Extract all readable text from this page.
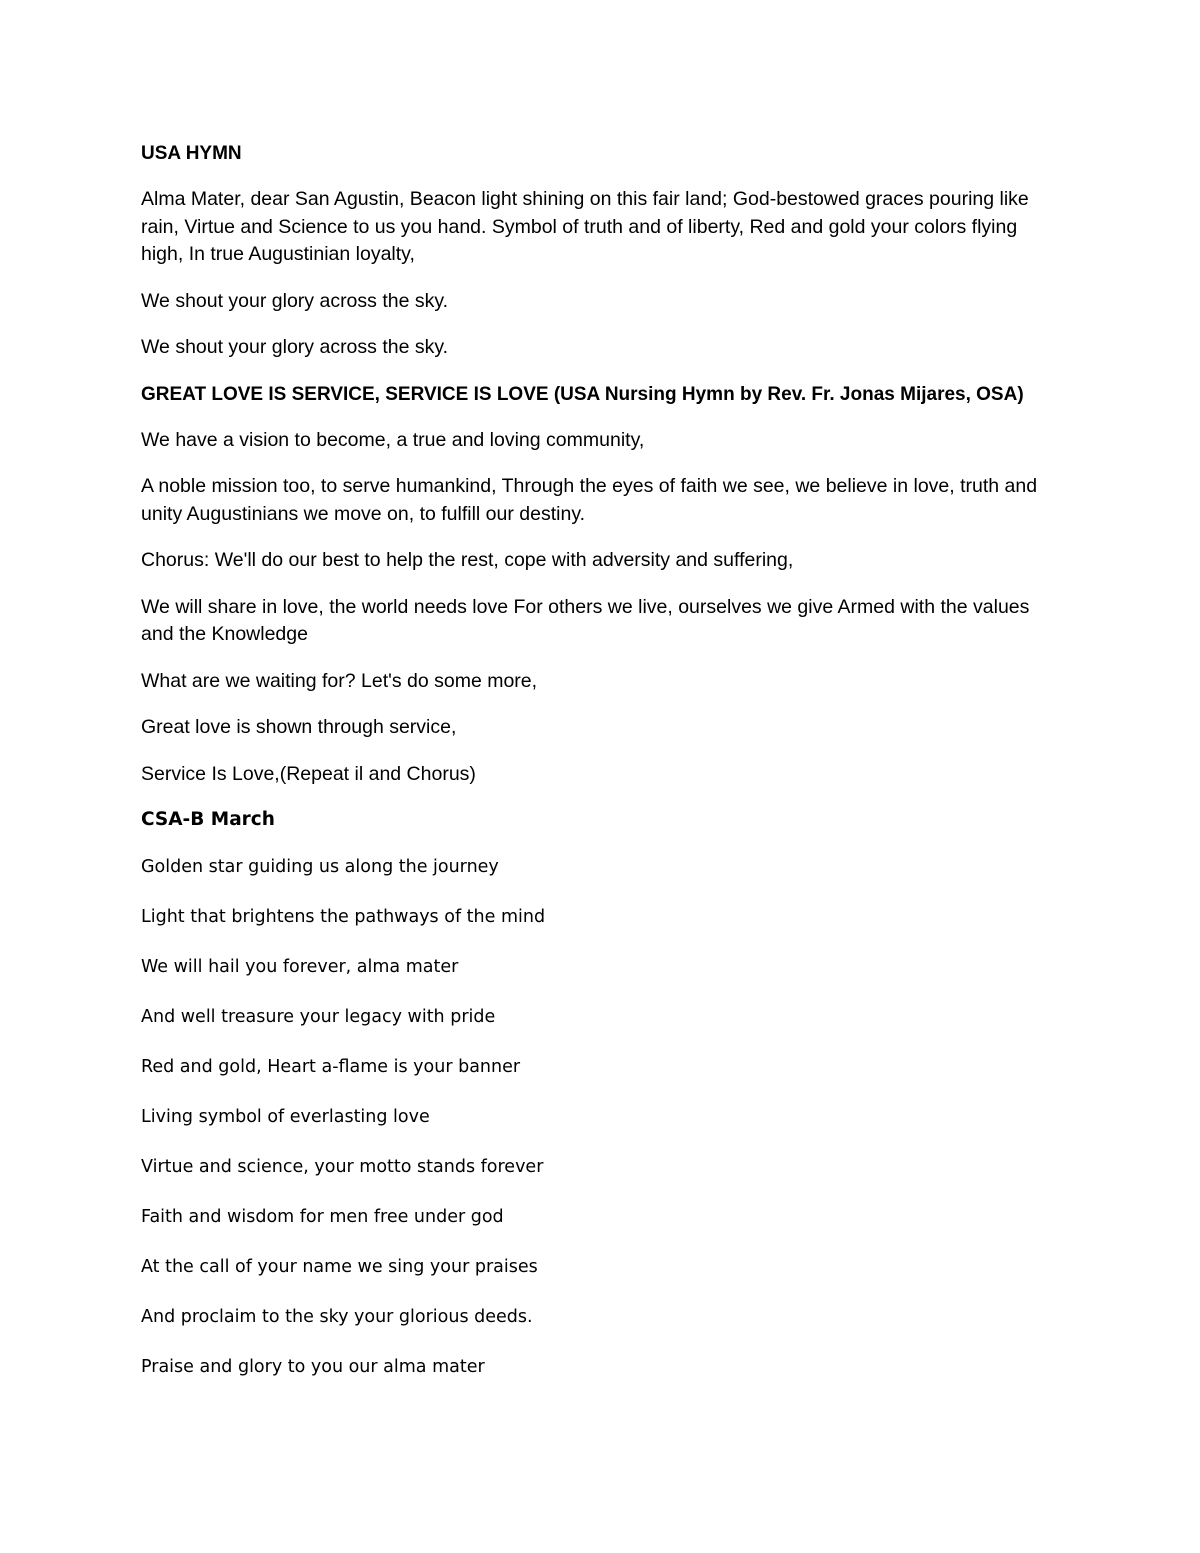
USA HYMN

Alma Mater, dear San Agustin, Beacon light shining on this fair land; God-bestowed graces pouring like rain, Virtue and Science to us you hand. Symbol of truth and of liberty, Red and gold your colors flying high, In true Augustinian loyalty,

We shout your glory across the sky.

We shout your glory across the sky.

GREAT LOVE IS SERVICE, SERVICE IS LOVE (USA Nursing Hymn by Rev. Fr. Jonas Mijares, OSA)

We have a vision to become, a true and loving community,

A noble mission too, to serve humankind, Through the eyes of faith we see, we believe in love, truth and unity Augustinians we move on, to fulfill our destiny.

Chorus: We'll do our best to help the rest, cope with adversity and suffering,

We will share in love, the world needs love For others we live, ourselves we give Armed with the values and the Knowledge

What are we waiting for? Let's do some more,

Great love is shown through service,

Service Is Love,(Repeat il and Chorus)

CSA-B March

Golden star guiding us along the journey

Light that brightens the pathways of the mind

We will hail you forever, alma mater

And well treasure your legacy with pride

Red and gold, Heart a-flame is your banner

Living symbol of everlasting love

Virtue and science, your motto stands forever

Faith and wisdom for men free under god

At the call of your name we sing your praises

And proclaim to the sky your glorious deeds.

Praise and glory to you our alma mater
